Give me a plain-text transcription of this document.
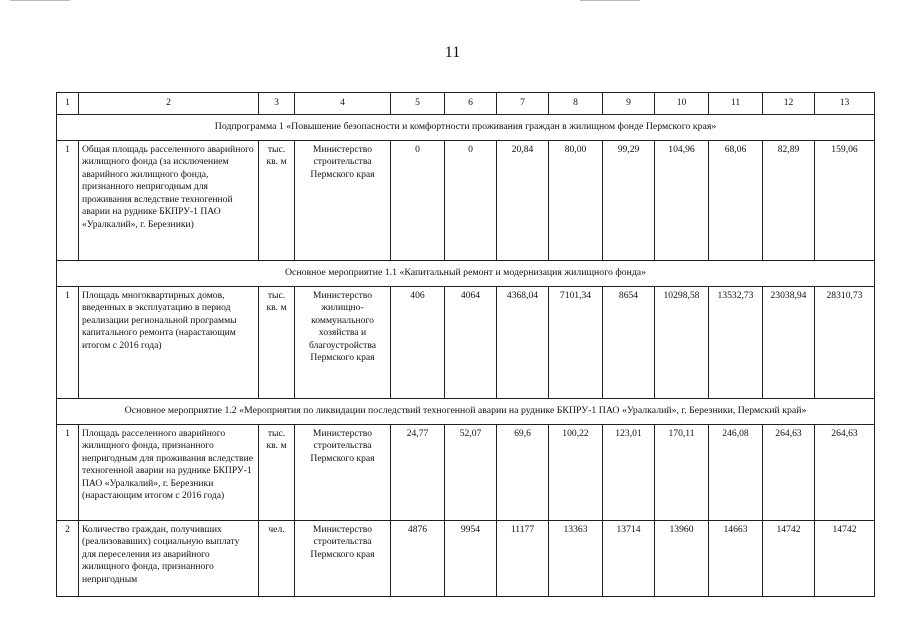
11
1	2	3	4	5	6	7	8	9	10	11	12	13
Подпрограмма 1 «Повышение безопасности и комфортности проживания граждан в жилищном фонде Пермского края»												
1	Общая площадь расселенного аварийного жилищного фонда (за исключением аварийного жилищного фонда, признанного непригодным для проживания вследствие техногенной аварии на руднике БКПРУ-1 ПАО «Уралкалий», г. Березники)	тыс. кв. м	Министерство строительства Пермского края	0	0	20,84	80,00	99,29	104,96	68,06	82,89	159,06
Основное мероприятие 1.1 «Капитальный ремонт и модернизация жилищного фонда»												
1	Площадь многоквартирных домов, введенных в эксплуатацию в период реализации региональной программы капитального ремонта (нарастающим итогом с 2016 года)	тыс. кв. м	Министерство жилищно-коммунального хозяйства и благоустройства Пермского края	406	4064	4368,04	7101,34	8654	10298,58	13532,73	23038,94	28310,73
Основное мероприятие 1.2 «Мероприятия по ликвидации последствий техногенной аварии на руднике БКПРУ-1 ПАО «Уралкалий», г. Березники, Пермский край»												
1	Площадь расселенного аварийного жилищного фонда, признанного непригодным для проживания вследствие техногенной аварии на руднике БКПРУ-1 ПАО «Уралкалий», г. Березники (нарастающим итогом с 2016 года)	тыс. кв. м	Министерство строительства Пермского края	24,77	52,07	69,6	100,22	123,01	170,11	246,08	264,63	264,63
2	Количество граждан, получивших (реализовавших) социальную выплату для переселения из аварийного жилищного фонда, признанного непригодным	чел.	Министерство строительства Пермского края	4876	9954	11177	13363	13714	13960	14663	14742	14742
